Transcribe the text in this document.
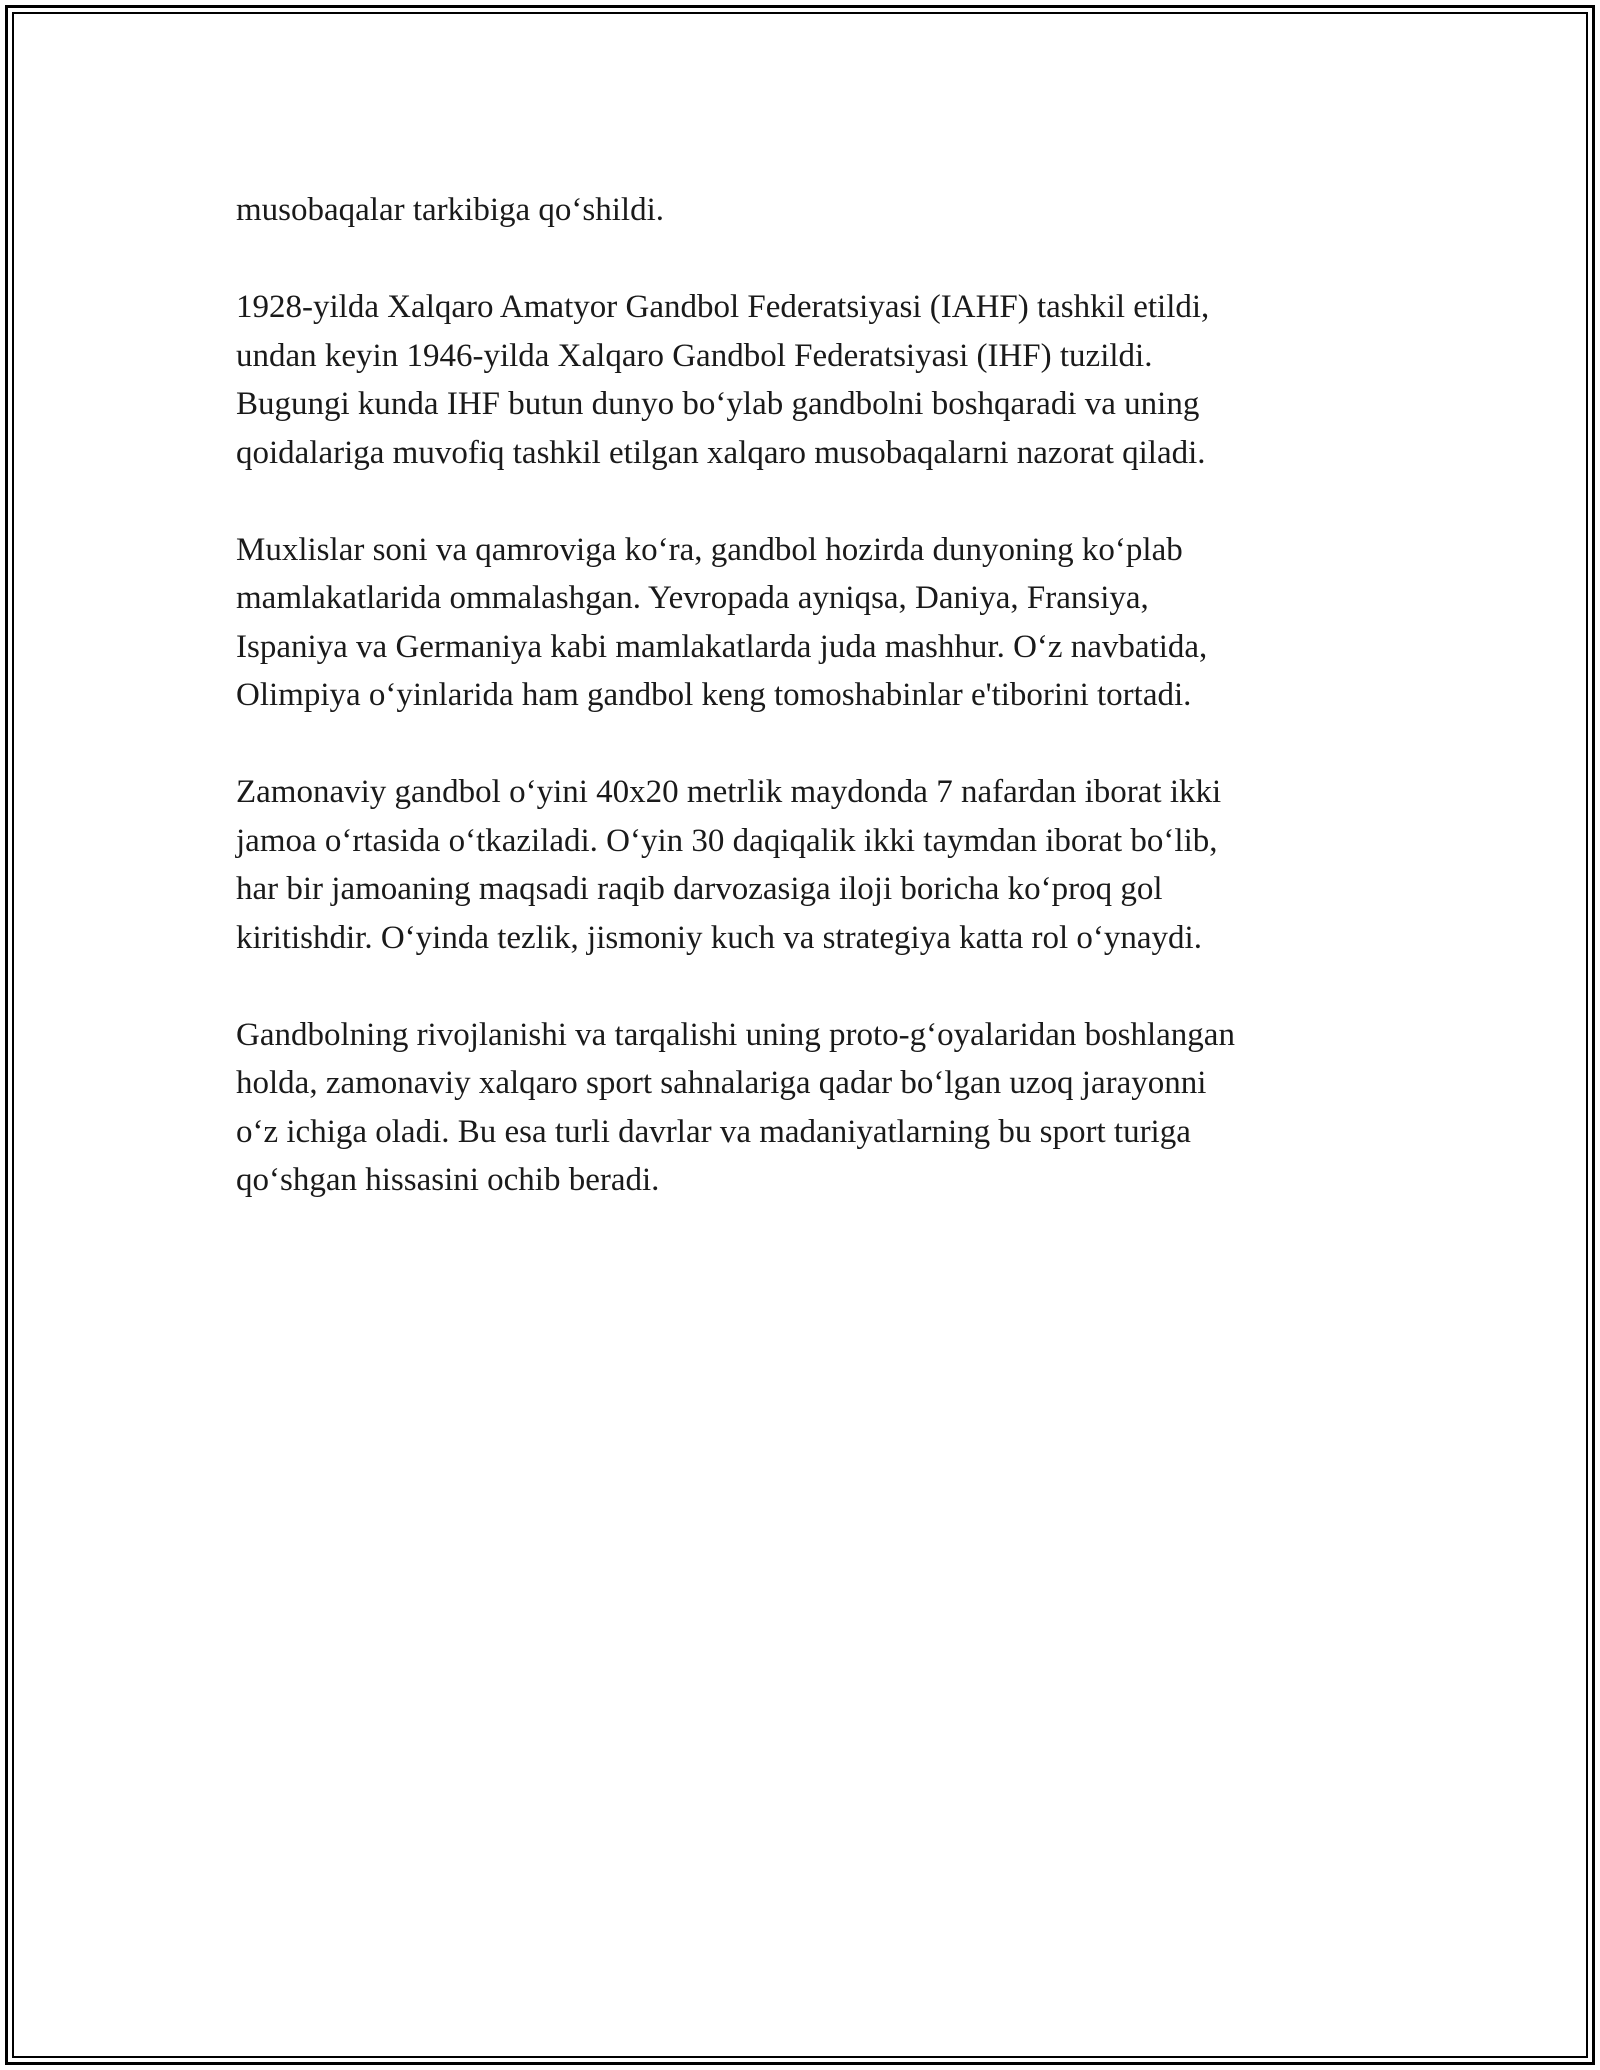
musobaqalar tarkibiga qo‘shildi.

1928-yilda Xalqaro Amatyor Gandbol Federatsiyasi (IAHF) tashkil etildi,
undan keyin 1946-yilda Xalqaro Gandbol Federatsiyasi (IHF) tuzildi.
Bugungi kunda IHF butun dunyo bo‘ylab gandbolni boshqaradi va uning
qoidalariga muvofiq tashkil etilgan xalqaro musobaqalarni nazorat qiladi.

Muxlislar soni va qamroviga ko‘ra, gandbol hozirda dunyoning ko‘plab
mamlakatlarida ommalashgan. Yevropada ayniqsa, Daniya, Fransiya,
Ispaniya va Germaniya kabi mamlakatlarda juda mashhur. O‘z navbatida,
Olimpiya o‘yinlarida ham gandbol keng tomoshabinlar e'tiborini tortadi.

Zamonaviy gandbol o‘yini 40x20 metrlik maydonda 7 nafardan iborat ikki
jamoa o‘rtasida o‘tkaziladi. O‘yin 30 daqiqalik ikki taymdan iborat bo‘lib,
har bir jamoaning maqsadi raqib darvozasiga iloji boricha ko‘proq gol
kiritishdir. O‘yinda tezlik, jismoniy kuch va strategiya katta rol o‘ynaydi.

Gandbolning rivojlanishi va tarqalishi uning proto-g‘oyalaridan boshlangan
holda, zamonaviy xalqaro sport sahnalariga qadar bo‘lgan uzoq jarayonni
o‘z ichiga oladi. Bu esa turli davrlar va madaniyatlarning bu sport turiga
qo‘shgan hissasini ochib beradi.
